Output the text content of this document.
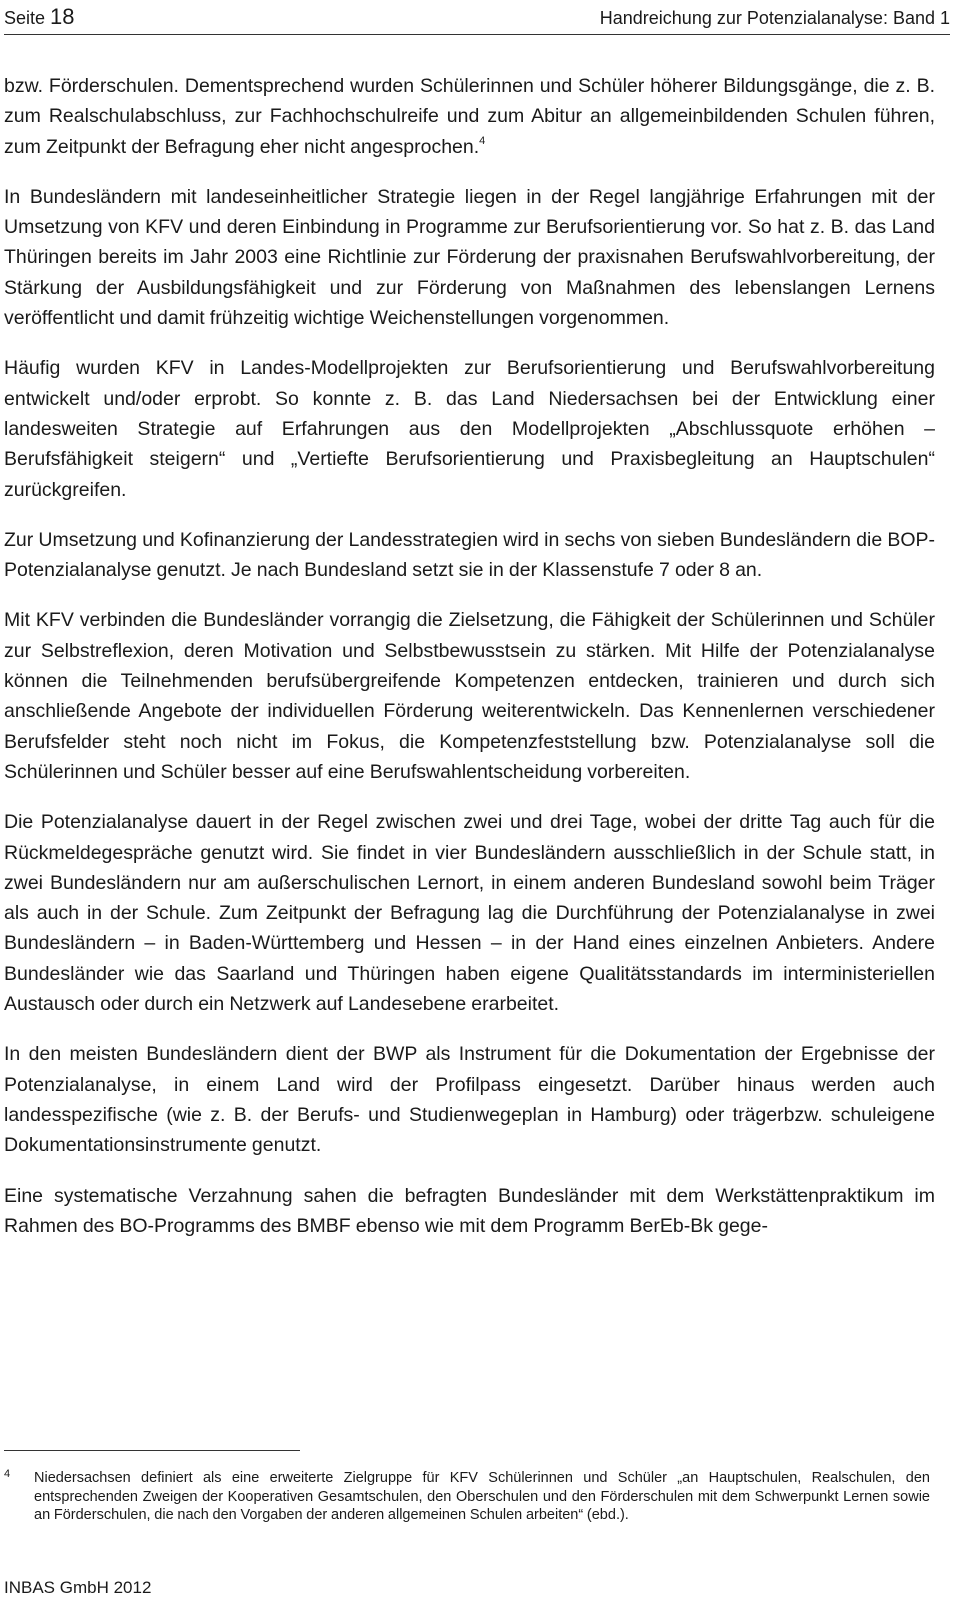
Seite 18	Handreichung zur Potenzialanalyse: Band 1

bzw. Förderschulen. Dementsprechend wurden Schülerinnen und Schüler höherer Bildungsgänge, die z. B. zum Realschulabschluss, zur Fachhochschulreife und zum Abitur an allgemeinbildenden Schulen führen, zum Zeitpunkt der Befragung eher nicht angesprochen.$^4$

In Bundesländern mit landeseinheitlicher Strategie liegen in der Regel langjährige Erfahrungen mit der Umsetzung von KFV und deren Einbindung in Programme zur Berufsorientierung vor. So hat z. B. das Land Thüringen bereits im Jahr 2003 eine Richtlinie zur Förderung der praxisnahen Berufswahlvorbereitung, der Stärkung der Ausbildungsfähigkeit und zur Förderung von Maßnahmen des lebenslangen Lernens veröffentlicht und damit frühzeitig wichtige Weichenstellungen vorgenommen.

Häufig wurden KFV in Landes-Modellprojekten zur Berufsorientierung und Berufswahlvorbereitung entwickelt und/oder erprobt. So konnte z. B. das Land Niedersachsen bei der Entwicklung einer landesweiten Strategie auf Erfahrungen aus den Modellprojekten „Abschlussquote erhöhen – Berufsfähigkeit steigern“ und „Vertiefte Berufsorientierung und Praxisbegleitung an Hauptschulen“ zurückgreifen.

Zur Umsetzung und Kofinanzierung der Landesstrategien wird in sechs von sieben Bundesländern die BOP-Potenzialanalyse genutzt. Je nach Bundesland setzt sie in der Klassenstufe 7 oder 8 an.

Mit KFV verbinden die Bundesländer vorrangig die Zielsetzung, die Fähigkeit der Schülerinnen und Schüler zur Selbstreflexion, deren Motivation und Selbstbewusstsein zu stärken. Mit Hilfe der Potenzialanalyse können die Teilnehmenden berufsübergreifende Kompetenzen entdecken, trainieren und durch sich anschließende Angebote der individuellen Förderung weiterentwickeln. Das Kennenlernen verschiedener Berufsfelder steht noch nicht im Fokus, die Kompetenzfeststellung bzw. Potenzialanalyse soll die Schülerinnen und Schüler besser auf eine Berufswahlentscheidung vorbereiten.

Die Potenzialanalyse dauert in der Regel zwischen zwei und drei Tage, wobei der dritte Tag auch für die Rückmeldegespräche genutzt wird. Sie findet in vier Bundesländern ausschließlich in der Schule statt, in zwei Bundesländern nur am außerschulischen Lernort, in einem anderen Bundesland sowohl beim Träger als auch in der Schule. Zum Zeitpunkt der Befragung lag die Durchführung der Potenzialanalyse in zwei Bundesländern – in Baden-Württemberg und Hessen – in der Hand eines einzelnen Anbieters. Andere Bundesländer wie das Saarland und Thüringen haben eigene Qualitätsstandards im interministeriellen Austausch oder durch ein Netzwerk auf Landesebene erarbeitet.

In den meisten Bundesländern dient der BWP als Instrument für die Dokumentation der Ergebnisse der Potenzialanalyse, in einem Land wird der Profilpass eingesetzt. Darüber hinaus werden auch landesspezifische (wie z. B. der Berufs- und Studienwegeplan in Hamburg) oder trägerbzw. schuleigene Dokumentationsinstrumente genutzt.

Eine systematische Verzahnung sahen die befragten Bundesländer mit dem Werkstättenpraktikum im Rahmen des BO-Programms des BMBF ebenso wie mit dem Programm BerEb-Bk gege-

4	Niedersachsen definiert als eine erweiterte Zielgruppe für KFV Schülerinnen und Schüler „an Hauptschulen, Realschulen, den entsprechenden Zweigen der Kooperativen Gesamtschulen, den Oberschulen und den Förderschulen mit dem Schwerpunkt Lernen sowie an Förderschulen, die nach den Vorgaben der anderen allgemeinen Schulen arbeiten“ (ebd.).
INBAS GmbH 2012
